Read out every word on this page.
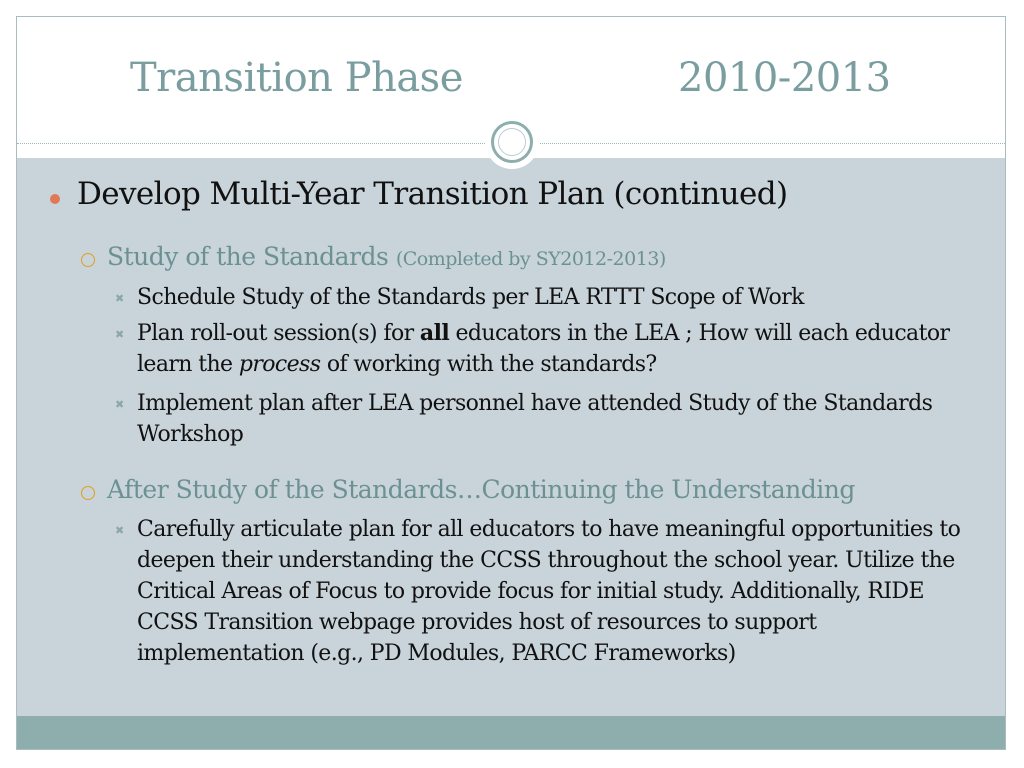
Transition Phase	2010-2013
Develop Multi-Year Transition Plan (continued)
Study of the Standards (Completed by SY2012-2013)
✖ Schedule Study of the Standards per LEA RTTT Scope of Work
✖ Plan roll-out session(s) for all educators in the LEA ; How will each educator learn the process of working with the standards?
✖ Implement plan after LEA personnel have attended Study of the Standards Workshop
After Study of the Standards…Continuing the Understanding
✖ Carefully articulate plan for all educators to have meaningful opportunities to deepen their understanding the CCSS throughout the school year. Utilize the Critical Areas of Focus to provide focus for initial study. Additionally, RIDE CCSS Transition webpage provides host of resources to support implementation (e.g., PD Modules, PARCC Frameworks)
